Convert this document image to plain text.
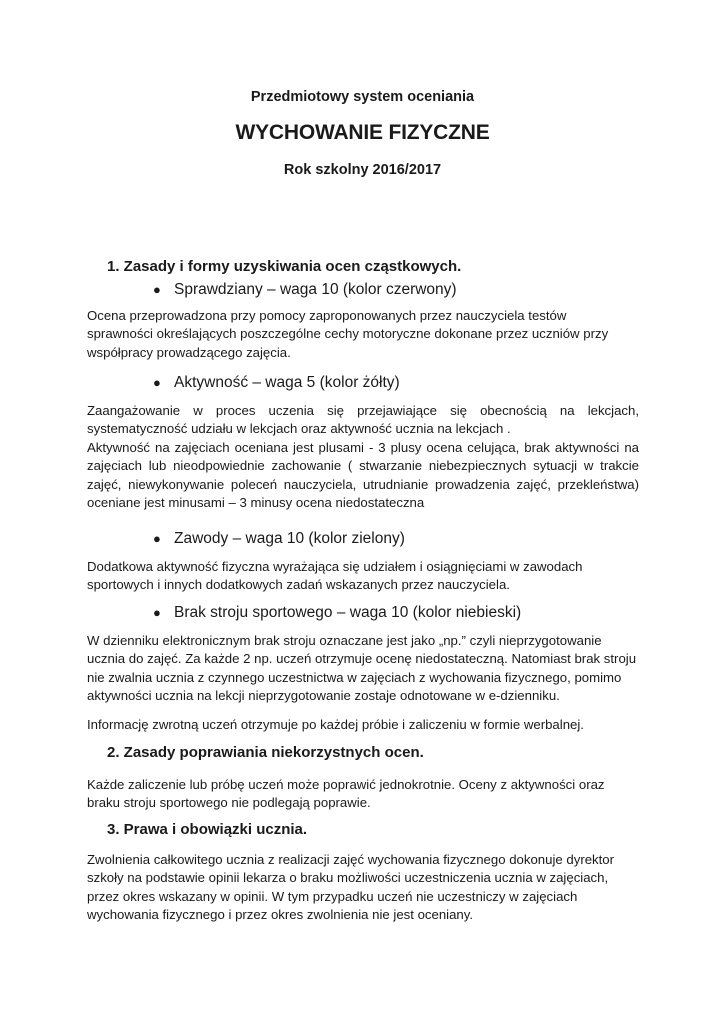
Przedmiotowy system oceniania
WYCHOWANIE FIZYCZNE
Rok szkolny 2016/2017
1. Zasady i formy uzyskiwania ocen cząstkowych.
● Sprawdziany – waga 10 (kolor czerwony)
Ocena przeprowadzona przy pomocy zaproponowanych przez nauczyciela testów
sprawności określających poszczególne cechy motoryczne dokonane przez uczniów przy
współpracy prowadzącego zajęcia.
● Aktywność – waga 5 (kolor żółty)
Zaangażowanie w proces uczenia się przejawiające się obecnością na lekcjach,
systematyczność udziału w lekcjach oraz aktywność ucznia na lekcjach .
Aktywność na zajęciach oceniana jest plusami - 3 plusy ocena celująca, brak aktywności na
zajęciach lub nieodpowiednie zachowanie ( stwarzanie niebezpiecznych sytuacji w trakcie
zajęć, niewykonywanie poleceń nauczyciela, utrudnianie prowadzenia zajęć, przekleństwa)
oceniane jest minusami – 3 minusy ocena niedostateczna
● Zawody – waga 10 (kolor zielony)
Dodatkowa aktywność fizyczna wyrażająca się udziałem i osiągnięciami w zawodach
sportowych i innych dodatkowych zadań wskazanych przez nauczyciela.
● Brak stroju sportowego – waga 10 (kolor niebieski)
W dzienniku elektronicznym brak stroju oznaczane jest jako „np.” czyli nieprzygotowanie
ucznia do zajęć. Za każde 2 np. uczeń otrzymuje ocenę niedostateczną. Natomiast brak stroju
nie zwalnia ucznia z czynnego uczestnictwa w zajęciach z wychowania fizycznego, pomimo
aktywności ucznia na lekcji nieprzygotowanie zostaje odnotowane w e-dzienniku.
Informację zwrotną uczeń otrzymuje po każdej próbie i zaliczeniu w formie werbalnej.
2. Zasady poprawiania niekorzystnych ocen.
Każde zaliczenie lub próbę uczeń może poprawić jednokrotnie. Oceny z aktywności oraz
braku stroju sportowego nie podlegają poprawie.
3. Prawa i obowiązki ucznia.
Zwolnienia całkowitego ucznia z realizacji zajęć wychowania fizycznego dokonuje dyrektor
szkoły na podstawie opinii lekarza o braku możliwości uczestniczenia ucznia w zajęciach,
przez okres wskazany w opinii. W tym przypadku uczeń nie uczestniczy w zajęciach
wychowania fizycznego i przez okres zwolnienia nie jest oceniany.
